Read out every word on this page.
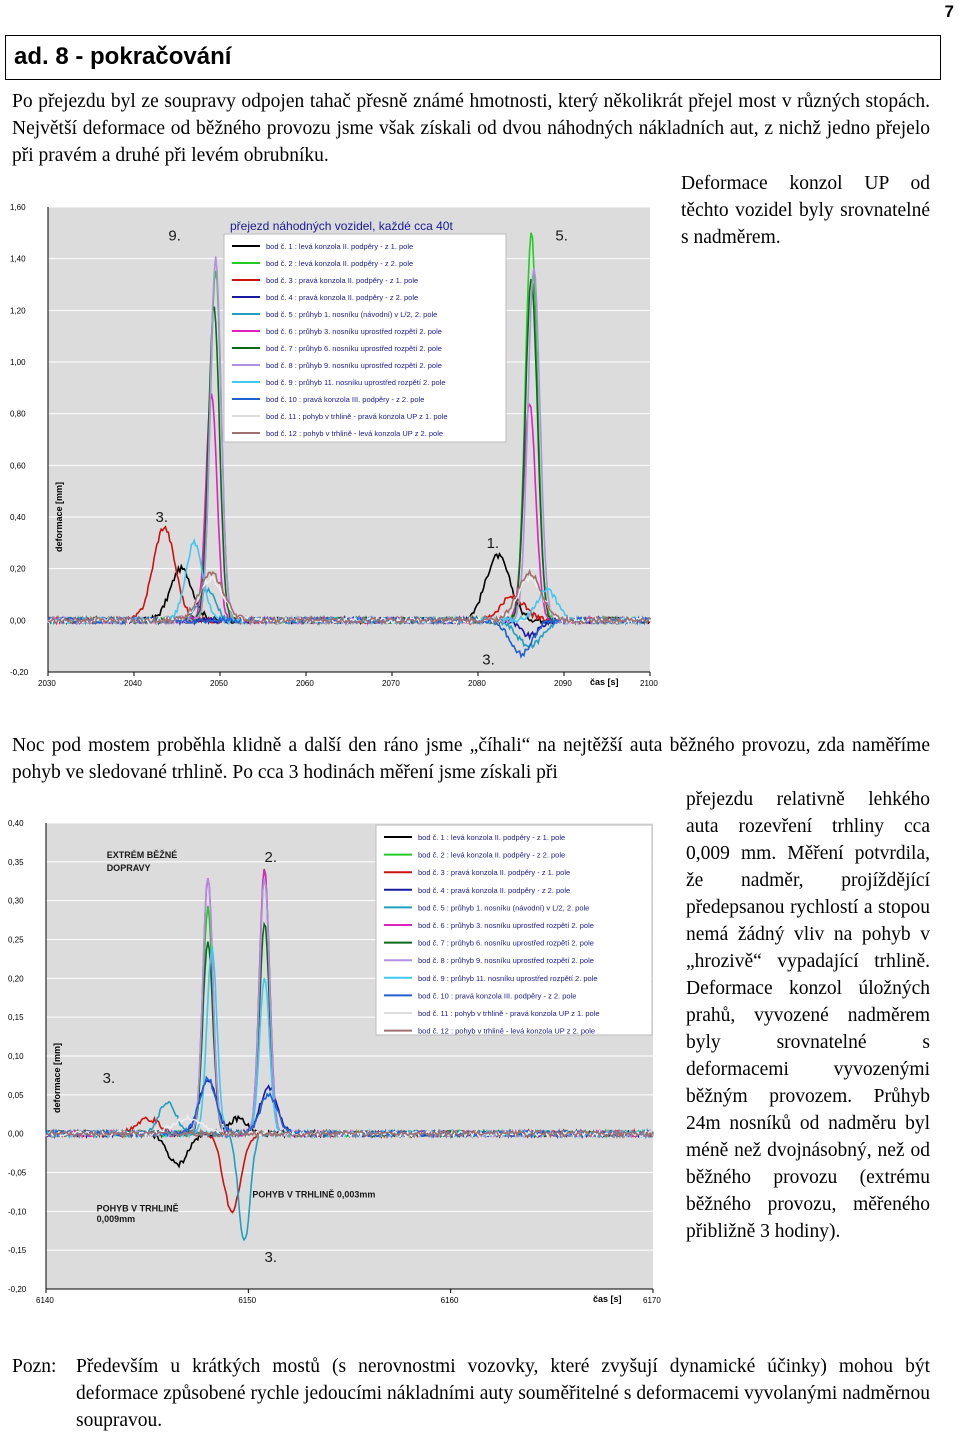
7
ad. 8 - pokračování
Po přejezdu byl ze soupravy odpojen tahač přesně známé hmotnosti, který několikrát přejel most v různých stopách. Největší deformace od běžného provozu jsme však získali od dvou náhodných nákladních aut, z nichž jedno přejelo při pravém a druhé při levém obrubníku.
Deformace konzol UP od těchto vozidel byly srovnatelné s nadměrem.
-0,20
0,00
0,20
0,40
0,60
0,80
1,00
1,20
1,40
1,60
2030	2040	2050	2060	2070	2080	2090	2100
čas [s]
deformace [mm]
přejezd náhodných vozidel, každé cca 40t
bod č. 1 : levá konzola II. podpěry - z 1. pole
bod č. 2 : levá konzola II. podpěry - z 2. pole
bod č. 3 : pravá konzola II. podpěry - z 1. pole
bod č. 4 : pravá konzola II. podpěry - z 2. pole
bod č. 5 : průhyb 1. nosníku (návodní) v L/2, 2. pole
bod č. 6 : průhyb 3. nosníku uprostřed rozpětí 2. pole
bod č. 7 : průhyb 6. nosníku uprostřed rozpětí 2. pole
bod č. 8 : průhyb 9. nosníku uprostřed rozpětí 2. pole
bod č. 9 : průhyb 11. nosníku uprostřed rozpětí 2. pole
bod č. 10 : pravá konzola III. podpěry - z 2. pole
bod č. 11 : pohyb v trhlině - pravá konzola UP z 1. pole
bod č. 12 : pohyb v trhlině - levá konzola UP z 2. pole
9.	5.
3.
1.
3.
Noc pod mostem proběhla klidně a další den ráno jsme „číhali“ na nejtěžší auta běžného provozu, zda naměříme pohyb ve sledované trhlině. Po cca 3 hodinách měření jsme získali při
přejezdu relativně lehkého auta rozevření trhliny cca 0,009 mm. Měření potvrdila, že nadměr, projíždějící předepsanou rychlostí a stopou nemá žádný vliv na pohyb v „hrozivě“ vypadající trhlině. Deformace konzol úložných prahů, vyvozené nadměrem byly srovnatelné s deformacemi vyvozenými běžným provozem. Průhyb 24m nosníků od nadměru byl méně než dvojnásobný, než od běžného provozu (extrému běžného provozu, měřeného přibližně 3 hodiny).
-0,20
-0,15
-0,10
-0,05
0,00
0,05
0,10
0,15
0,20
0,25
0,30
0,35
0,40
6140	6150	6160	6170
čas [s]
deformace [mm]
bod č. 1 : levá konzola II. podpěry - z 1. pole
bod č. 2 : levá konzola II. podpěry - z 2. pole
bod č. 3 : pravá konzola II. podpěry - z 1. pole
bod č. 4 : pravá konzola II. podpěry - z 2. pole
bod č. 5 : průhyb 1. nosníku (návodní) v L/2, 2. pole
bod č. 6 : průhyb 3. nosníku uprostřed rozpětí 2. pole
bod č. 7 : průhyb 6. nosníku uprostřed rozpětí 2. pole
bod č. 8 : průhyb 9. nosníku uprostřed rozpětí 2. pole
bod č. 9 : průhyb 11. nosníku uprostřed rozpětí 2. pole
bod č. 10 : pravá konzola III. podpěry - z 2. pole
bod č. 11 : pohyb v trhlině - pravá konzola UP z 1. pole
bod č. 12 : pohyb v trhlině - levá konzola UP z 2. pole
EXTRÉM BĚŽNÉ
DOPRAVY
2.
3.
POHYB V TRHLINĚ
0,009mm
POHYB V TRHLINĚ 0,003mm
3.
Pozn: Především u krátkých mostů (s nerovnostmi vozovky, které zvyšují dynamické účinky) mohou být deformace způsobené rychle jedoucími nákladními auty souměřitelné s deformacemi vyvolanými nadměrnou soupravou.
